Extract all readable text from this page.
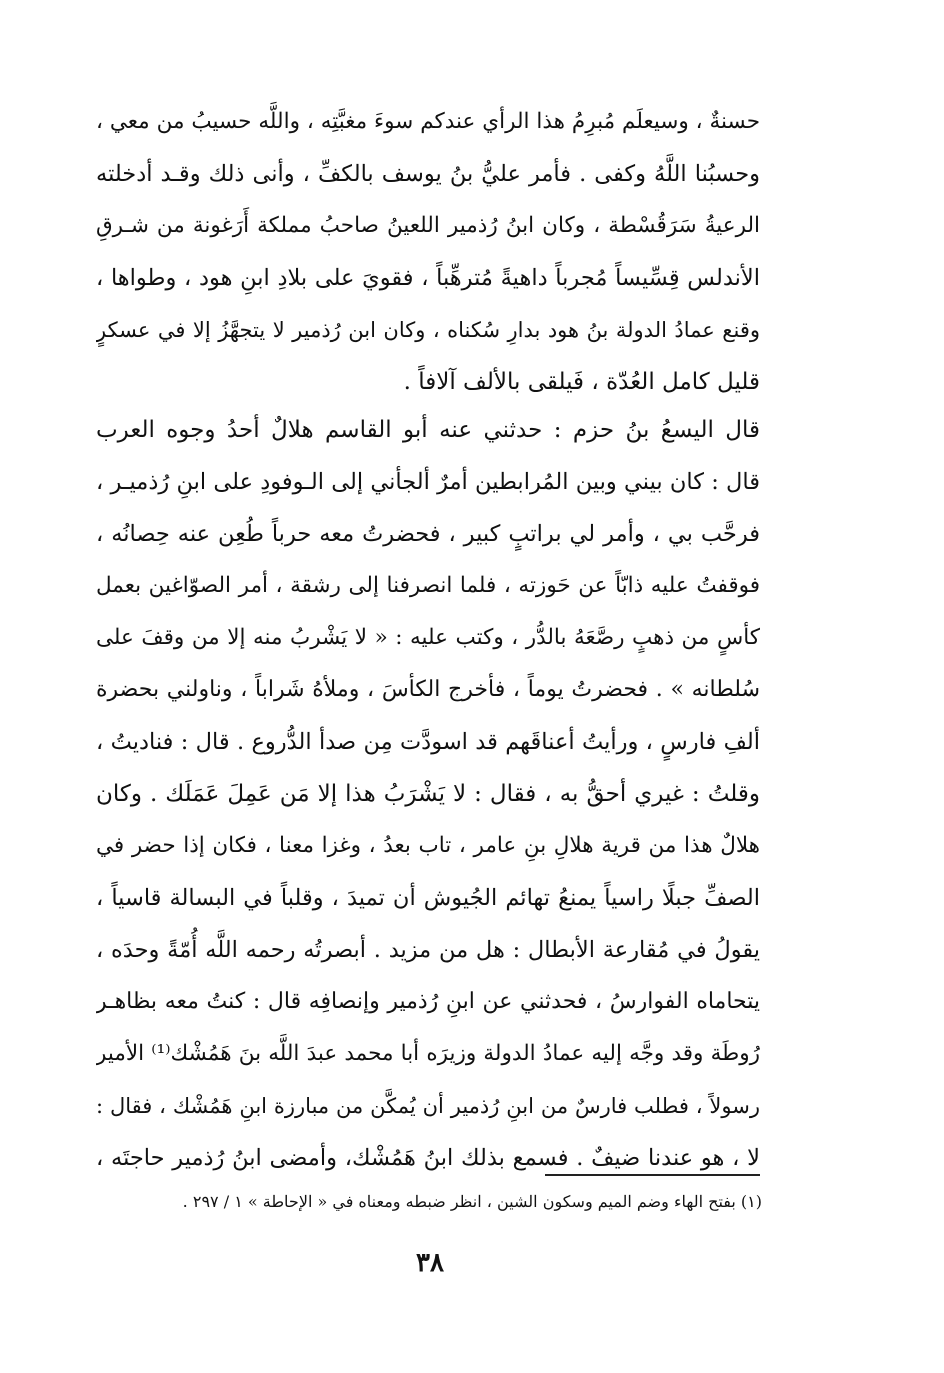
حسنةٌ ، وسيعلَم مُبرِمُ هذا الرأي عندكم سوءَ مغبَّتِه ، واللَّه حسيبُ من معي ،
وحسبُنا اللَّهُ وكفى . فأمر عليُّ بنُ يوسف بالكفِّ ، وأنى ذلك وقـد أدخلته
الرعيةُ سَرَقُسْطة ، وكان ابنُ رُذمير اللعينُ صاحبُ مملكة أَرَغونة من شـرقِ
الأندلس قِسِّيساً مُجرباً داهيةً مُترهِّباً ، فقويَ على بلادِ ابنِ هود ، وطواها ،
وقنع عمادُ الدولة بنُ هود بدارِ سُكناه ، وكان ابن رُذمير لا يتجهَّزُ إلا في عسكرٍ
قليل كامل العُدّة ، فَيلقى بالألف آلافاً .
قال اليسعُ بنُ حزم : حدثني عنه أبو القاسم هلالٌ أحدُ وجوه العرب
قال : كان بيني وبين المُرابطين أمرٌ ألجأني إلى الـوفودِ على ابنِ رُذميـر ،
فرحَّب بي ، وأمر لي براتبٍ كبير ، فحضرتُ معه حرباً طُعِن عنه حِصانُه ،
فوقفتُ عليه ذابّاً عن حَوزته ، فلما انصرفنا إلى رشقة ، أمر الصوّاغين بعمل
كأسٍ من ذهبٍ رصَّعَهُ بالدُّر ، وكتب عليه : « لا يَشْربُ منه إلا من وقفَ على
سُلطانه » . فحضرتُ يوماً ، فأخرج الكأسَ ، وملأهُ شَراباً ، وناولني بحضرة
ألفِ فارسٍ ، ورأيتُ أعناقَهم قد اسودَّت مِن صدأ الدُّروع . قال : فناديتُ ،
وقلتُ : غيري أحقُّ به ، فقال : لا يَشْرَبُ هذا إلا مَن عَمِلَ عَمَلَك . وكان
هلالٌ هذا من قرية هلالِ بنِ عامر ، تاب بعدُ ، وغزا معنا ، فكان إذا حضر في
الصفِّ جبلًا راسياً يمنعُ تهائم الجُيوش أن تميدَ ، وقلباً في البسالة قاسياً ،
يقولُ في مُقارعة الأبطال : هل من مزيد . أبصرتُه رحمه اللَّه أُمّةً وحدَه ،
يتحاماه الفوارسُ ، فحدثني عن ابنِ رُذمير وإنصافِه قال : كنتُ معه بظاهـر
رُوطَة وقد وجَّه إليه عمادُ الدولة وزيرَه أبا محمد عبدَ اللَّه بنَ هَمُشْك⁽¹⁾ الأمير
رسولاً ، فطلب فارسٌ من ابنِ رُذمير أن يُمكَّن من مبارزة ابنِ هَمُشْك ، فقال :
لا ، هو عندنا ضيفٌ . فسمع بذلك ابنُ هَمُشْك، وأمضى ابنُ رُذمير حاجتَه ،
(١) بفتح الهاء وضم الميم وسكون الشين ، انظر ضبطه ومعناه في « الإحاطة » ١ / ٢٩٧ .
٣٨
